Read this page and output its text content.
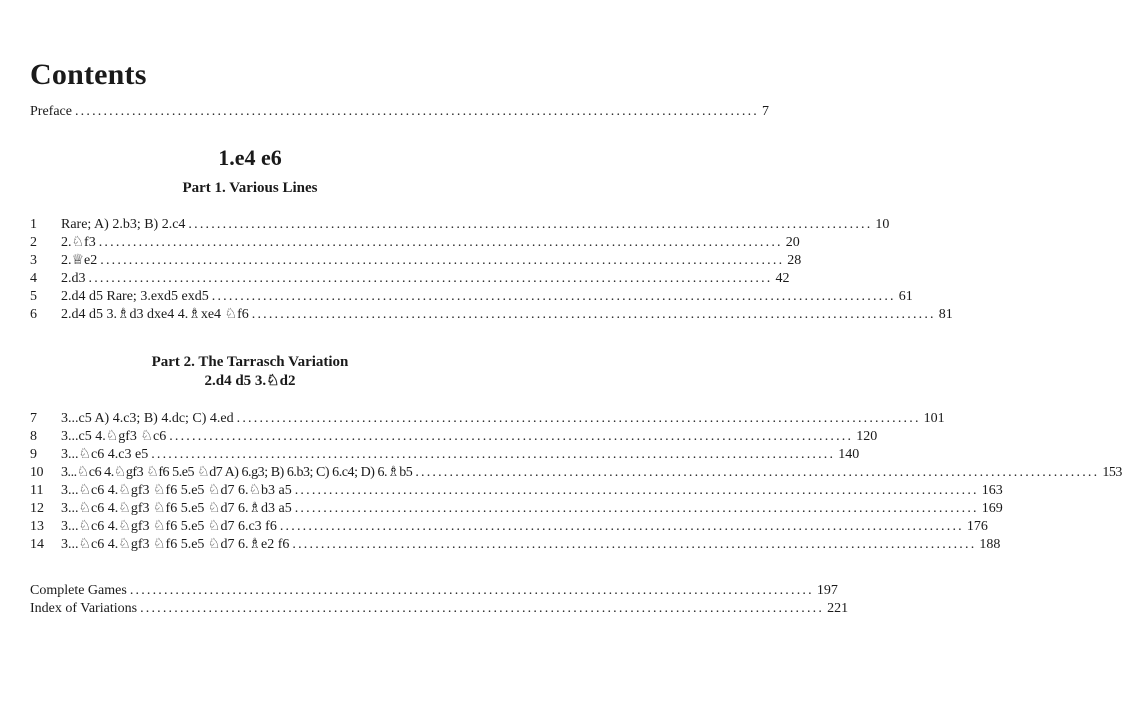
Contents
Preface ........................................................................................................................ 7
1.e4 e6
Part 1. Various Lines
1	Rare; A) 2.b3; B) 2.c4 ........................................................................................................................ 10
2	2.♘f3 ........................................................................................................................ 20
3	2.♕e2 ........................................................................................................................ 28
4	2.d3 ........................................................................................................................ 42
5	2.d4 d5 Rare; 3.exd5 exd5 ........................................................................................................................ 61
6	2.d4 d5 3.♗d3 dxe4 4.♗xe4 ♘f6 ........................................................................................................................ 81
Part 2. The Tarrasch Variation
2.d4 d5 3.♘d2
7	3...c5 A) 4.c3; B) 4.dc; C) 4.ed ........................................................................................................................ 101
8	3...c5 4.♘gf3 ♘c6 ........................................................................................................................ 120
9	3...♘c6 4.c3 e5 ........................................................................................................................ 140
10	3...♘c6 4.♘gf3 ♘f6 5.e5 ♘d7 A) 6.g3; B) 6.b3; C) 6.c4; D) 6.♗b5 ........................................................................................................................ 153
11	3...♘c6 4.♘gf3 ♘f6 5.e5 ♘d7 6.♘b3 a5 ........................................................................................................................ 163
12	3...♘c6 4.♘gf3 ♘f6 5.e5 ♘d7 6.♗d3 a5 ........................................................................................................................ 169
13	3...♘c6 4.♘gf3 ♘f6 5.e5 ♘d7 6.c3 f6 ........................................................................................................................ 176
14	3...♘c6 4.♘gf3 ♘f6 5.e5 ♘d7 6.♗e2 f6 ........................................................................................................................ 188
Complete Games ........................................................................................................................ 197
Index of Variations ........................................................................................................................ 221
